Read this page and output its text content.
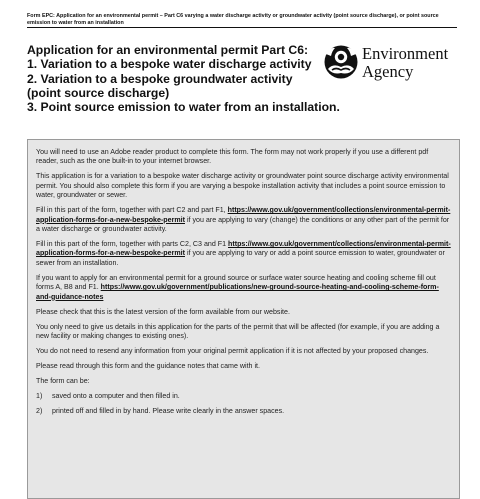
Form EPC: Application for an environmental permit – Part C6 varying a water discharge activity or groundwater activity (point source discharge), or point source emission to water from an installation
Application for an environmental permit Part C6:
1. Variation to a bespoke water discharge activity
2. Variation to a bespoke groundwater activity
(point source discharge)
3. Point source emission to water from an installation.
Environment
Agency

You will need to use an Adobe reader product to complete this form. The form may not work properly if you use a different pdf reader, such as the one built-in to your internet browser.

This application is for a variation to a bespoke water discharge activity or groundwater point source discharge activity environmental permit. You should also complete this form if you are varying a bespoke installation activity that includes a point source emission to water, groundwater or sewer.

Fill in this part of the form, together with part C2 and part F1, https://www.gov.uk/government/collections/environmental-permit-application-forms-for-a-new-bespoke-permit if you are applying to vary (change) the conditions or any other part of the permit for a water discharge or groundwater activity.

Fill in this part of the form, together with parts C2, C3 and F1 https://www.gov.uk/government/collections/environmental-permit-application-forms-for-a-new-bespoke-permit if you are applying to vary or add a point source emission to water, groundwater or sewer from an installation.

If you want to apply for an environmental permit for a ground source or surface water source heating and cooling scheme fill out forms A, B8 and F1. https://www.gov.uk/government/publications/new-ground-source-heating-and-cooling-scheme-form-and-guidance-notes

Please check that this is the latest version of the form available from our website.

You only need to give us details in this application for the parts of the permit that will be affected (for example, if you are adding a new facility or making changes to existing ones).

You do not need to resend any information from your original permit application if it is not affected by your proposed changes.

Please read through this form and the guidance notes that came with it.

The form can be:

1)	saved onto a computer and then filled in.
2)	printed off and filled in by hand. Please write clearly in the answer spaces.
